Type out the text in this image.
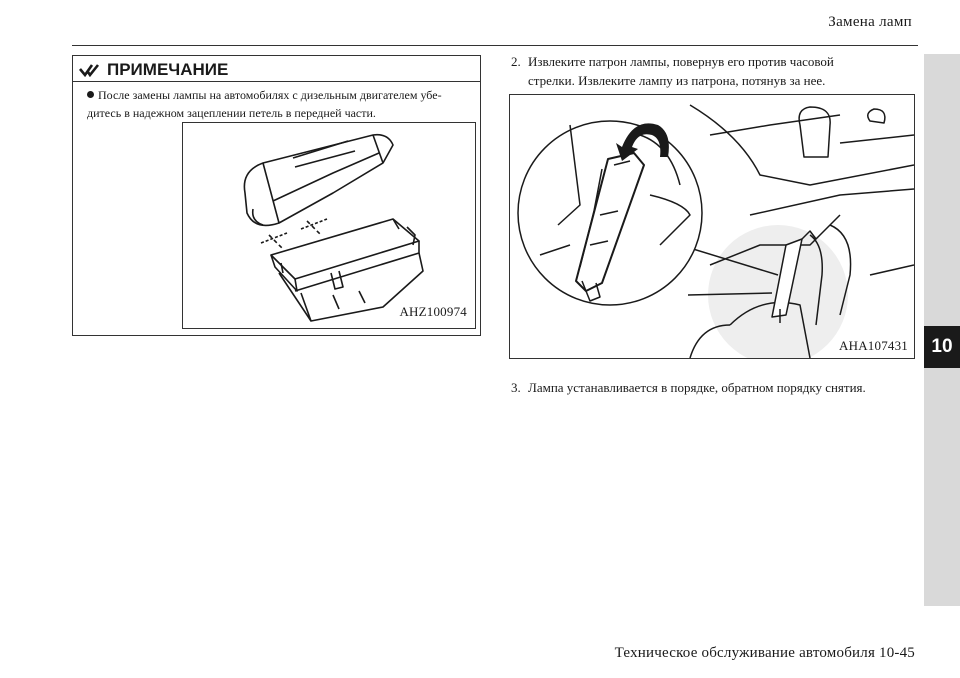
Замена ламп
10
ПРИМЕЧАНИЕ
После замены лампы на автомобилях с дизельным двигателем убе-
дитесь в надежном зацеплении петель в передней части.
AHZ100974
2. Извлеките патрон лампы, повернув его против часовой
стрелки. Извлеките лампу из патрона, потянув за нее.
AHA107431
3. Лампа устанавливается в порядке, обратном порядку снятия.
Техническое обслуживание автомобиля 10-45
